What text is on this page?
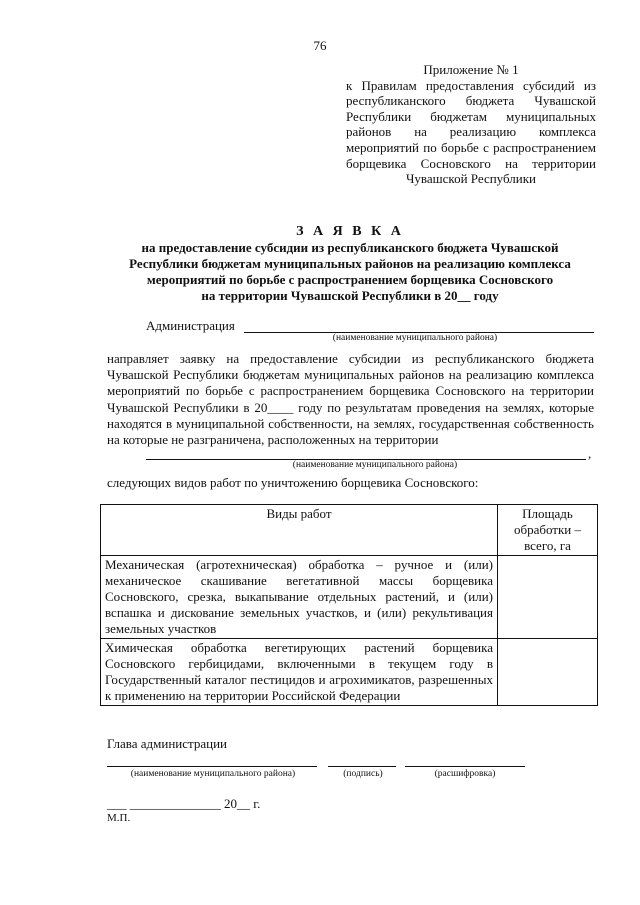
76
Приложение № 1
к Правилам предоставления субсидий из республиканского бюджета Чувашской Республики бюджетам муниципальных районов на реализацию комплекса мероприятий по борьбе с распространением борщевика Сосновского на территории Чувашской Республики
З А Я В К А
на предоставление субсидии из республиканского бюджета Чувашской
Республики бюджетам муниципальных районов на реализацию комплекса
мероприятий по борьбе с распространением борщевика Сосновского
на территории Чувашской Республики в 20__ году
Администрация
(наименование муниципального района)
направляет заявку на предоставление субсидии из республиканского бюджета Чувашской Республики бюджетам муниципальных районов на реализацию комплекса мероприятий по борьбе с распространением борщевика Сосновского на территории Чувашской Республики в 20____ году по результатам проведения на землях, которые находятся в муниципальной собственности, на землях, государственная собственность на которые не разграничена, расположенных на территории
,
(наименование муниципального района)
следующих видов работ по уничтожению борщевика Сосновского:
Виды работ	Площадь обработки – всего, га
Механическая (агротехническая) обработка – ручное и (или) механическое скашивание вегетативной массы борщевика Сосновского, срезка, выкапывание отдельных растений, и (или) вспашка и дискование земельных участков, и (или) рекультивация земельных участков	
Химическая обработка вегетирующих растений борщевика Сосновского гербицидами, включенными в текущем году в Государственный каталог пестицидов и агрохимикатов, разрешенных к применению на территории Российской Федерации	
Глава администрации
(наименование муниципального района)	(подпись)	(расшифровка)
___ ______________ 20__ г.
М.П.
